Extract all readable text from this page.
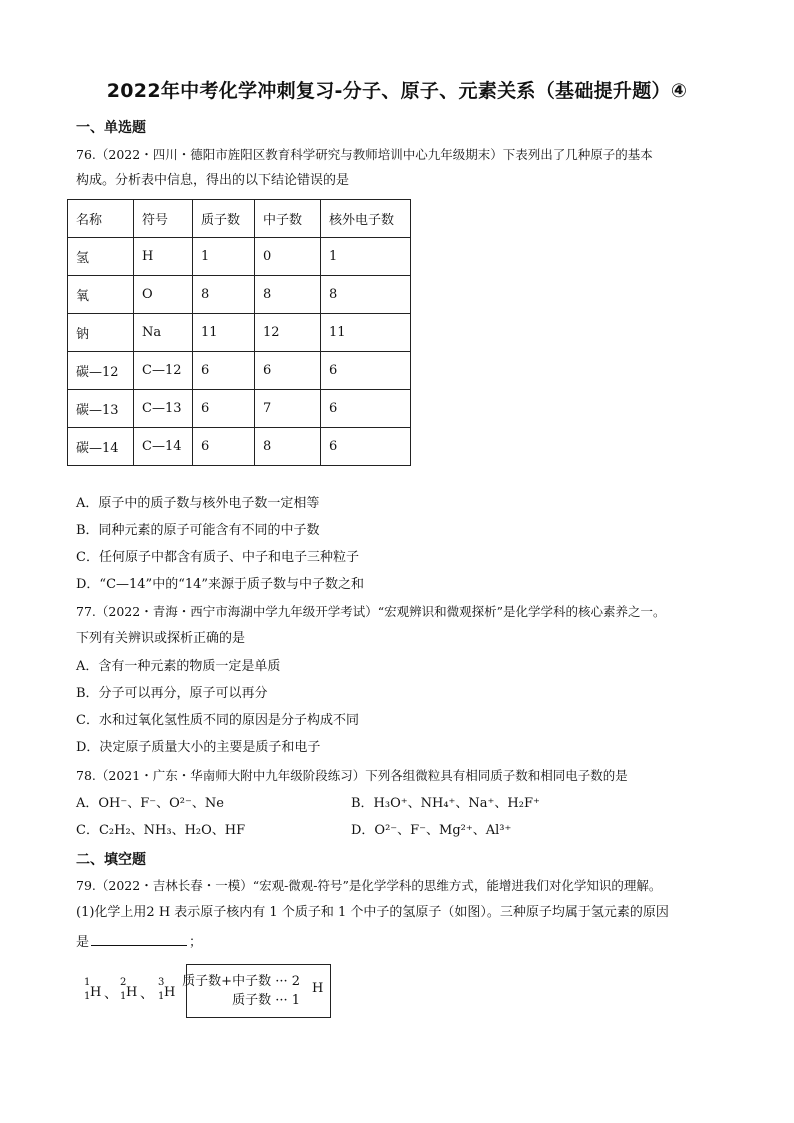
2022年中考化学冲刺复习-分子、原子、元素关系（基础提升题）④
一、单选题
76.（2022・四川・德阳市旌阳区教育科学研究与教师培训中心九年级期末）下表列出了几种原子的基本
构成。分析表中信息，得出的以下结论错误的是
名称	符号	质子数	中子数	核外电子数
氢	H	1	0	1
氧	O	8	8	8
钠	Na	11	12	11
碳—12	C—12	6	6	6
碳—13	C—13	6	7	6
碳—14	C—14	6	8	6
A．原子中的质子数与核外电子数一定相等
B．同种元素的原子可能含有不同的中子数
C．任何原子中都含有质子、中子和电子三种粒子
D．“C—14”中的“14”来源于质子数与中子数之和
77.（2022・青海・西宁市海湖中学九年级开学考试）“宏观辨识和微观探析”是化学学科的核心素养之一。
下列有关辨识或探析正确的是
A．含有一种元素的物质一定是单质
B．分子可以再分，原子可以再分
C．水和过氧化氢性质不同的原因是分子构成不同
D．决定原子质量大小的主要是质子和电子
78.（2021・广东・华南师大附中九年级阶段练习）下列各组微粒具有相同质子数和相同电子数的是
A．OH⁻、F⁻、O²⁻、Ne	B．H₃O⁺、NH₄⁺、Na⁺、H₂F⁺
C．C₂H₂、NH₃、H₂O、HF	D．O²⁻、F⁻、Mg²⁺、Al³⁺
二、填空题
79.（2022・吉林长春・一模）“宏观-微观-符号”是化学学科的思维方式，能增进我们对化学知识的理解。
(1)化学上用2 H 表示原子核内有 1 个质子和 1 个中子的氢原子（如图）。三种原子均属于氢元素的原因
是	；
1
1 H 、
2
1 H 、
3
1 H
质子数+中子数 ··· 2
质子数 ··· 1
H
